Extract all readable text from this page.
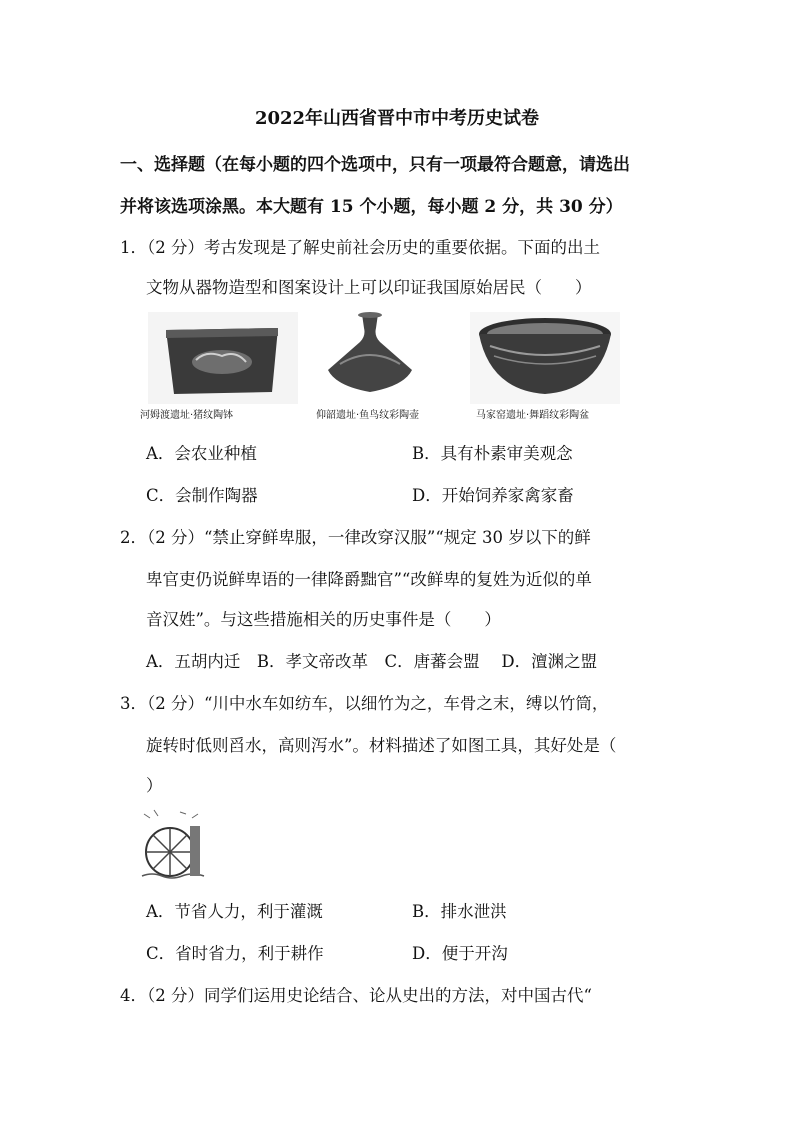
2022年山西省晋中市中考历史试卷
一、选择题（在每小题的四个选项中，只有一项最符合题意，请选出
并将该选项涂黑。本大题有 15 个小题，每小题 2 分，共 30 分）
1．（2 分）考古发现是了解史前社会历史的重要依据。下面的出土
文物从器物造型和图案设计上可以印证我国原始居民（　　）
河姆渡遗址·猪纹陶钵	仰韶遗址·鱼鸟纹彩陶壶	马家窑遗址·舞蹈纹彩陶盆
A．会农业种植	B．具有朴素审美观念
C．会制作陶器	D．开始饲养家禽家畜
2．（2 分）“禁止穿鲜卑服，一律改穿汉服”“规定 30 岁以下的鲜
卑官吏仍说鲜卑语的一律降爵黜官”“改鲜卑的复姓为近似的单
音汉姓”。与这些措施相关的历史事件是（　　）
A．五胡内迁　B．孝文帝改革　C．唐蕃会盟　 D．澶渊之盟
3．（2 分）“川中水车如纺车，以细竹为之，车骨之末，缚以竹筒，
旋转时低则舀水，高则泻水”。材料描述了如图工具，其好处是（
）
A．节省人力，利于灌溉	B．排水泄洪
C．省时省力，利于耕作	D．便于开沟
4．（2 分）同学们运用史论结合、论从史出的方法，对中国古代“
